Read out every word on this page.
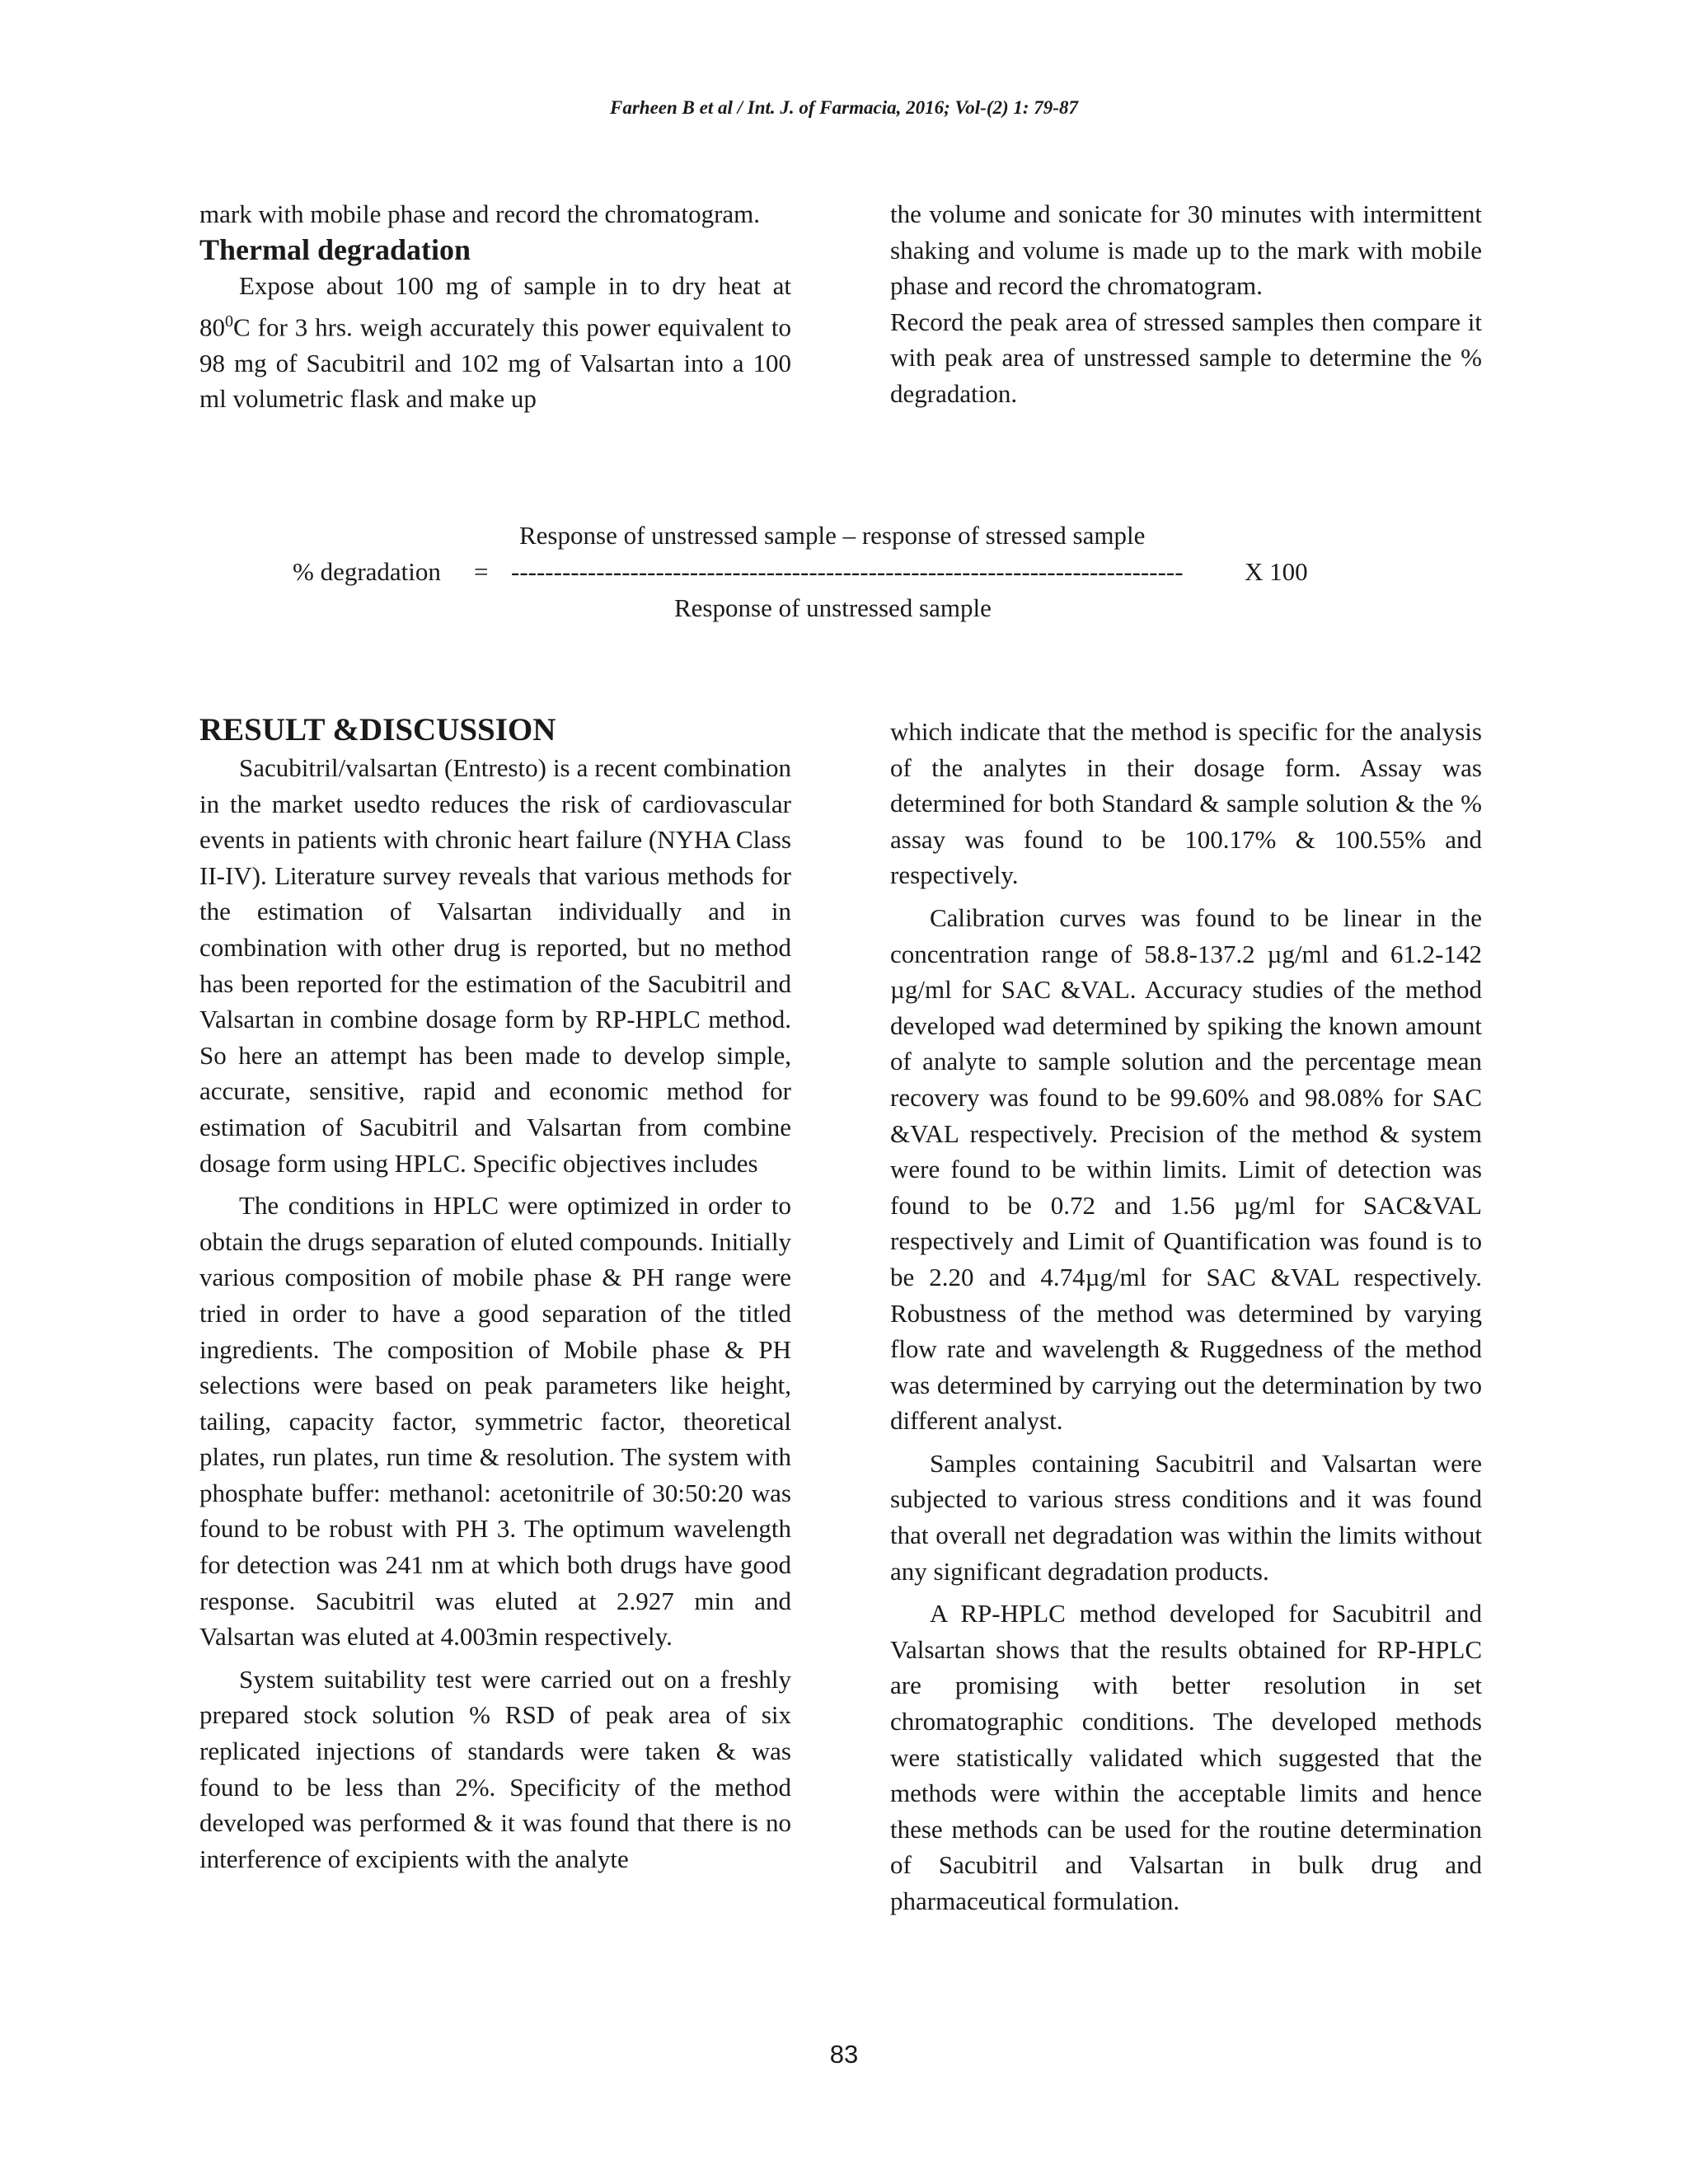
Farheen B et al / Int. J. of Farmacia, 2016; Vol-(2) 1: 79-87

mark with mobile phase and record the chromatogram.

Thermal degradation

Expose about 100 mg of sample in to dry heat at $80^0C$ for 3 hrs. weigh accurately this power equivalent to 98 mg of Sacubitril and 102 mg of Valsartan into a 100 ml volumetric flask and make up

the volume and sonicate for 30 minutes with intermittent shaking and volume is made up to the mark with mobile phase and record the chromatogram.

Record the peak area of stressed samples then compare it with peak area of unstressed sample to determine the % degradation.

Response of unstressed sample – response of stressed sample
% degradation = -------------------------------------------------------------------------------	X 100
Response of unstressed sample
RESULT &DISCUSSION

Sacubitril/valsartan (Entresto) is a recent combination in the market usedto reduces the risk of cardiovascular events in patients with chronic heart failure (NYHA Class II-IV). Literature survey reveals that various methods for the estimation of Valsartan individually and in combination with other drug is reported, but no method has been reported for the estimation of the Sacubitril and Valsartan in combine dosage form by RP-HPLC method. So here an attempt has been made to develop simple, accurate, sensitive, rapid and economic method for estimation of Sacubitril and Valsartan from combine dosage form using HPLC. Specific objectives includes

The conditions in HPLC were optimized in order to obtain the drugs separation of eluted compounds. Initially various composition of mobile phase & PH range were tried in order to have a good separation of the titled ingredients. The composition of Mobile phase & PH selections were based on peak parameters like height, tailing, capacity factor, symmetric factor, theoretical plates, run plates, run time & resolution. The system with phosphate buffer: methanol: acetonitrile of 30:50:20 was found to be robust with PH 3. The optimum wavelength for detection was 241 nm at which both drugs have good response. Sacubitril was eluted at 2.927 min and Valsartan was eluted at 4.003min respectively.

System suitability test were carried out on a freshly prepared stock solution % RSD of peak area of six replicated injections of standards were taken & was found to be less than 2%. Specificity of the method developed was performed & it was found that there is no interference of excipients with the analyte

which indicate that the method is specific for the analysis of the analytes in their dosage form. Assay was determined for both Standard & sample solution & the % assay was found to be 100.17% & 100.55% and respectively.

Calibration curves was found to be linear in the concentration range of 58.8-137.2 µg/ml and 61.2-142 µg/ml for SAC &VAL. Accuracy studies of the method developed wad determined by spiking the known amount of analyte to sample solution and the percentage mean recovery was found to be 99.60% and 98.08% for SAC &VAL respectively. Precision of the method & system were found to be within limits. Limit of detection was found to be 0.72 and 1.56 µg/ml for SAC&VAL respectively and Limit of Quantification was found is to be 2.20 and 4.74µg/ml for SAC &VAL respectively. Robustness of the method was determined by varying flow rate and wavelength & Ruggedness of the method was determined by carrying out the determination by two different analyst.

Samples containing Sacubitril and Valsartan were subjected to various stress conditions and it was found that overall net degradation was within the limits without any significant degradation products.

A RP-HPLC method developed for Sacubitril and Valsartan shows that the results obtained for RP-HPLC are promising with better resolution in set chromatographic conditions. The developed methods were statistically validated which suggested that the methods were within the acceptable limits and hence these methods can be used for the routine determination of Sacubitril and Valsartan in bulk drug and pharmaceutical formulation.

83
